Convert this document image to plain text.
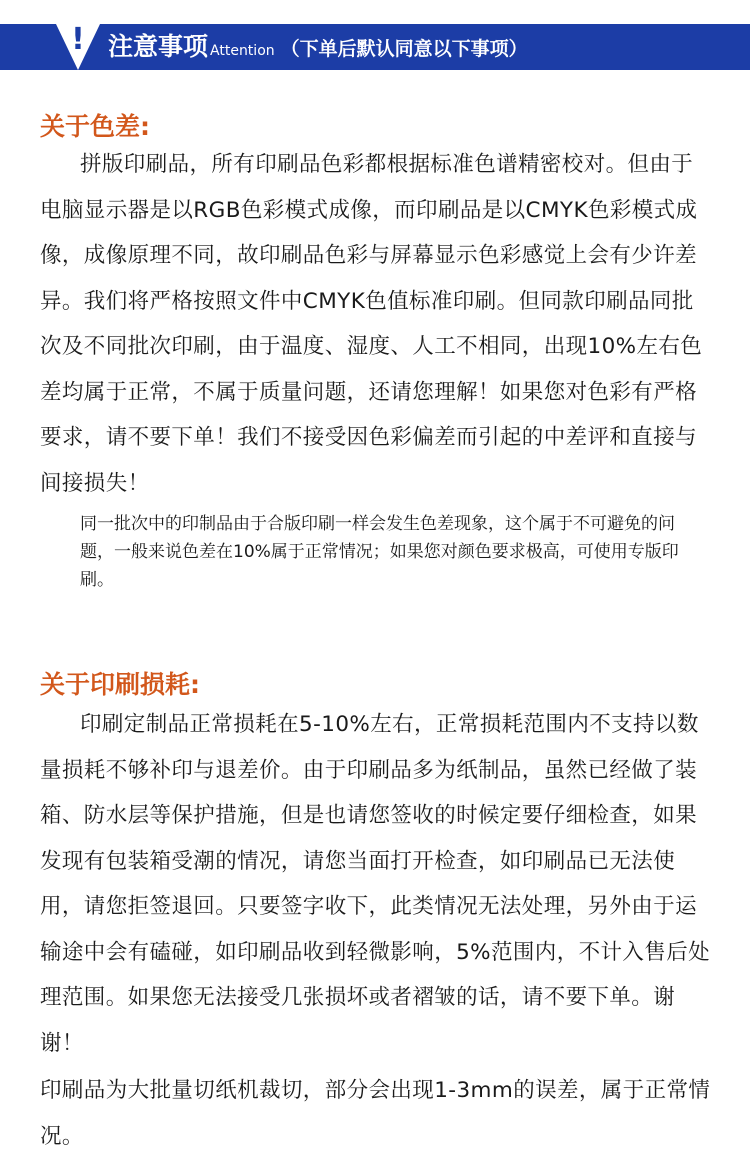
! 注意事项 Attention （下单后默认同意以下事项）
关于色差:

拼版印刷品，所有印刷品色彩都根据标准色谱精密校对。但由于电脑显示器是以RGB色彩模式成像，而印刷品是以CMYK色彩模式成像，成像原理不同，故印刷品色彩与屏幕显示色彩感觉上会有少许差异。我们将严格按照文件中CMYK色值标准印刷。但同款印刷品同批次及不同批次印刷，由于温度、湿度、人工不相同，出现10%左右色差均属于正常，不属于质量问题，还请您理解！如果您对色彩有严格要求，请不要下单！我们不接受因色彩偏差而引起的中差评和直接与间接损失！

同一批次中的印制品由于合版印刷一样会发生色差现象，这个属于不可避免的问题，一般来说色差在10%属于正常情况；如果您对颜色要求极高，可使用专版印刷。

关于印刷损耗:

印刷定制品正常损耗在5-10%左右，正常损耗范围内不支持以数量损耗不够补印与退差价。由于印刷品多为纸制品，虽然已经做了装箱、防水层等保护措施，但是也请您签收的时候定要仔细检查，如果发现有包装箱受潮的情况，请您当面打开检查，如印刷品已无法使用，请您拒签退回。只要签字收下，此类情况无法处理，另外由于运输途中会有磕碰，如印刷品收到轻微影响，5%范围内，不计入售后处理范围。如果您无法接受几张损坏或者褶皱的话，请不要下单。谢谢！

印刷品为大批量切纸机裁切，部分会出现1-3mm的误差，属于正常情况。
